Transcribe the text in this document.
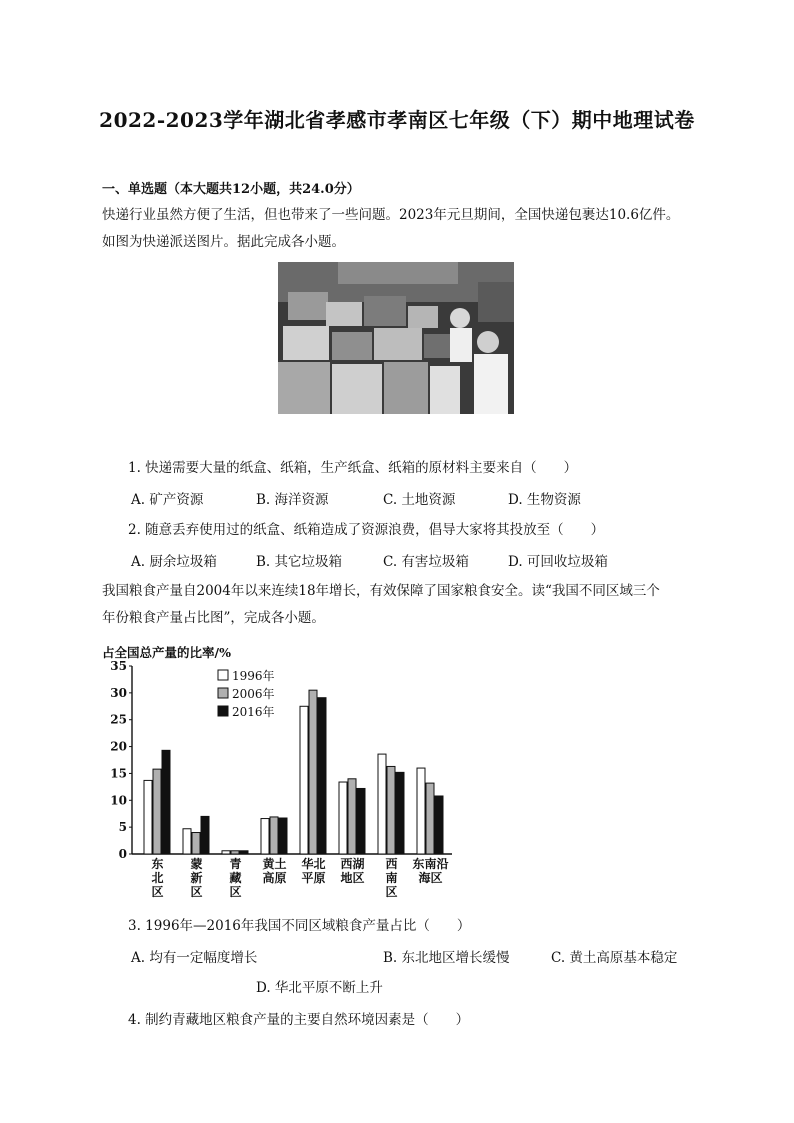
2022-2023学年湖北省孝感市孝南区七年级（下）期中地理试卷
一、单选题（本大题共12小题，共24.0分）
快递行业虽然方便了生活，但也带来了一些问题。2023年元旦期间，全国快递包裹达10.6亿件。
如图为快递派送图片。据此完成各小题。
1. 快递需要大量的纸盒、纸箱，生产纸盒、纸箱的原材料主要来自（　　）
A. 矿产资源	B. 海洋资源	C. 土地资源	D. 生物资源
2. 随意丢弃使用过的纸盒、纸箱造成了资源浪费，倡导大家将其投放至（　　）
A. 厨余垃圾箱	B. 其它垃圾箱	C. 有害垃圾箱	D. 可回收垃圾箱
我国粮食产量自2004年以来连续18年增长，有效保障了国家粮食安全。读“我国不同区域三个
年份粮食产量占比图”，完成各小题。
占全国总产量的比率/%
35
30
25
20
15
10
5
0
东
北
区
蒙
新
区
青
藏
区
黄土
高原
华北
平原
西湖
地区
西
南
区
东南沿
海区
1996年
2006年
2016年
3. 1996年—2016年我国不同区域粮食产量占比（　　）
A. 均有一定幅度增长	B. 东北地区增长缓慢	C. 黄土高原基本稳定
D. 华北平原不断上升
4. 制约青藏地区粮食产量的主要自然环境因素是（　　）
